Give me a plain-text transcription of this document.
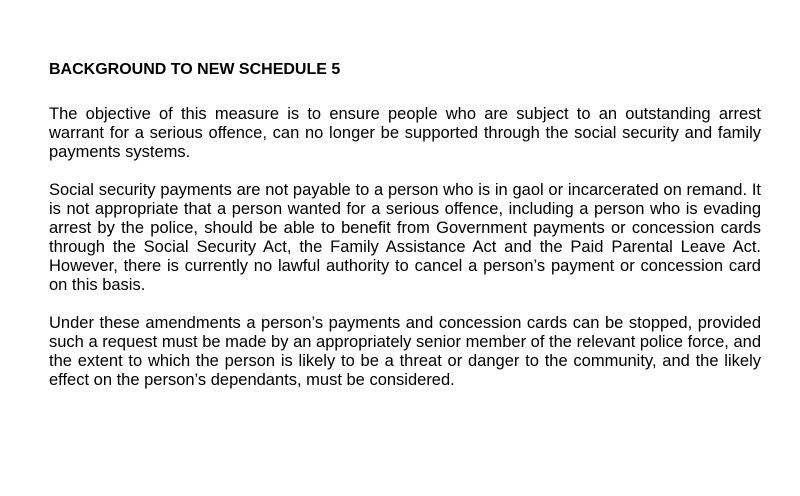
BACKGROUND TO NEW SCHEDULE 5

The objective of this measure is to ensure people who are subject to an outstanding arrest warrant for a serious offence, can no longer be supported through the social security and family payments systems.

Social security payments are not payable to a person who is in gaol or incarcerated on remand. It is not appropriate that a person wanted for a serious offence, including a person who is evading arrest by the police, should be able to benefit from Government payments or concession cards through the Social Security Act, the Family Assistance Act and the Paid Parental Leave Act. However, there is currently no lawful authority to cancel a person’s payment or concession card on this basis.

Under these amendments a person’s payments and concession cards can be stopped, provided such a request must be made by an appropriately senior member of the relevant police force, and the extent to which the person is likely to be a threat or danger to the community, and the likely effect on the person’s dependants, must be considered.
